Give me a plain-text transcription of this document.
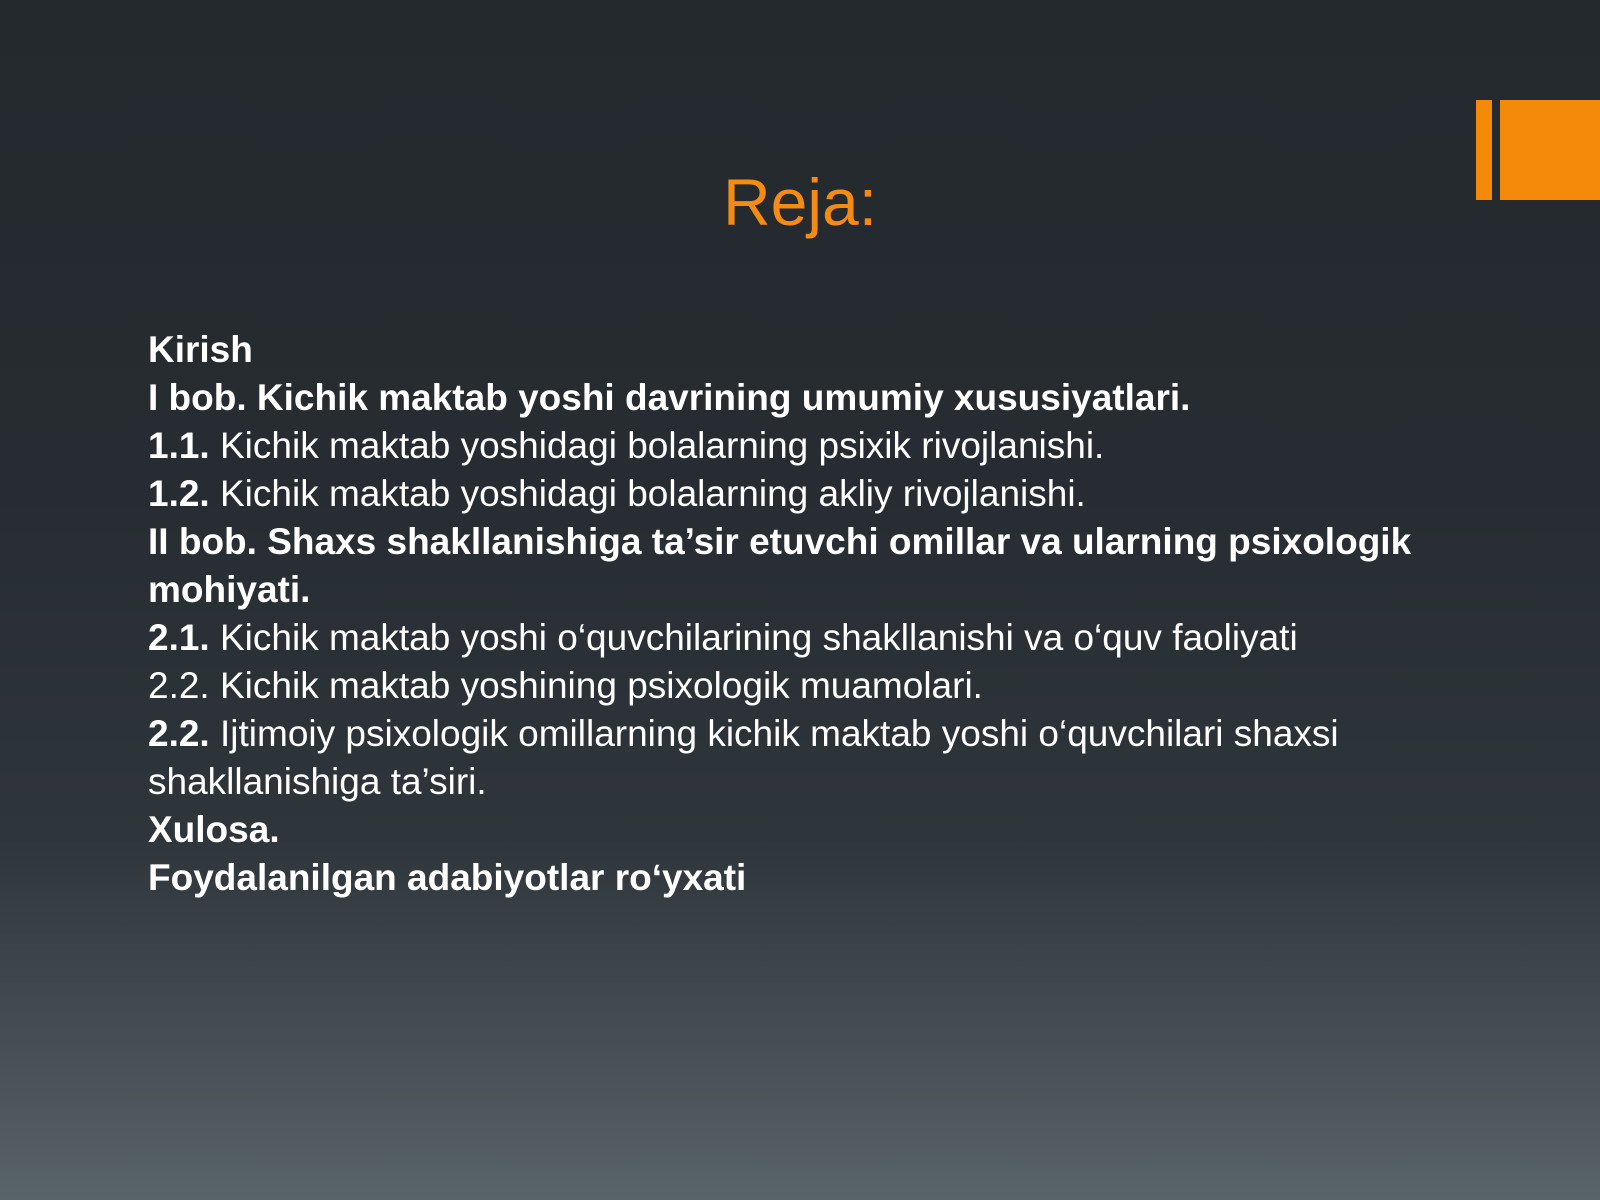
Reja:

Kirish

I bob. Kichik maktab yoshi davrining umumiy xususiyatlari.

1.1. Kichik maktab yoshidagi bolalarning psixik rivojlanishi.

1.2. Kichik maktab yoshidagi bolalarning akliy rivojlanishi.

II bob. Shaxs shakllanishiga ta’sir etuvchi omillar va ularning psixologik mohiyati.

2.1. Kichik maktab yoshi o‘quvchilarining shakllanishi va o‘quv faoliyati

2.2. Kichik maktab yoshining psixologik muamolari.

2.2. Ijtimoiy psixologik omillarning kichik maktab yoshi o‘quvchilari shaxsi shakllanishiga ta’siri.

Xulosa.

Foydalanilgan adabiyotlar ro‘yxati
